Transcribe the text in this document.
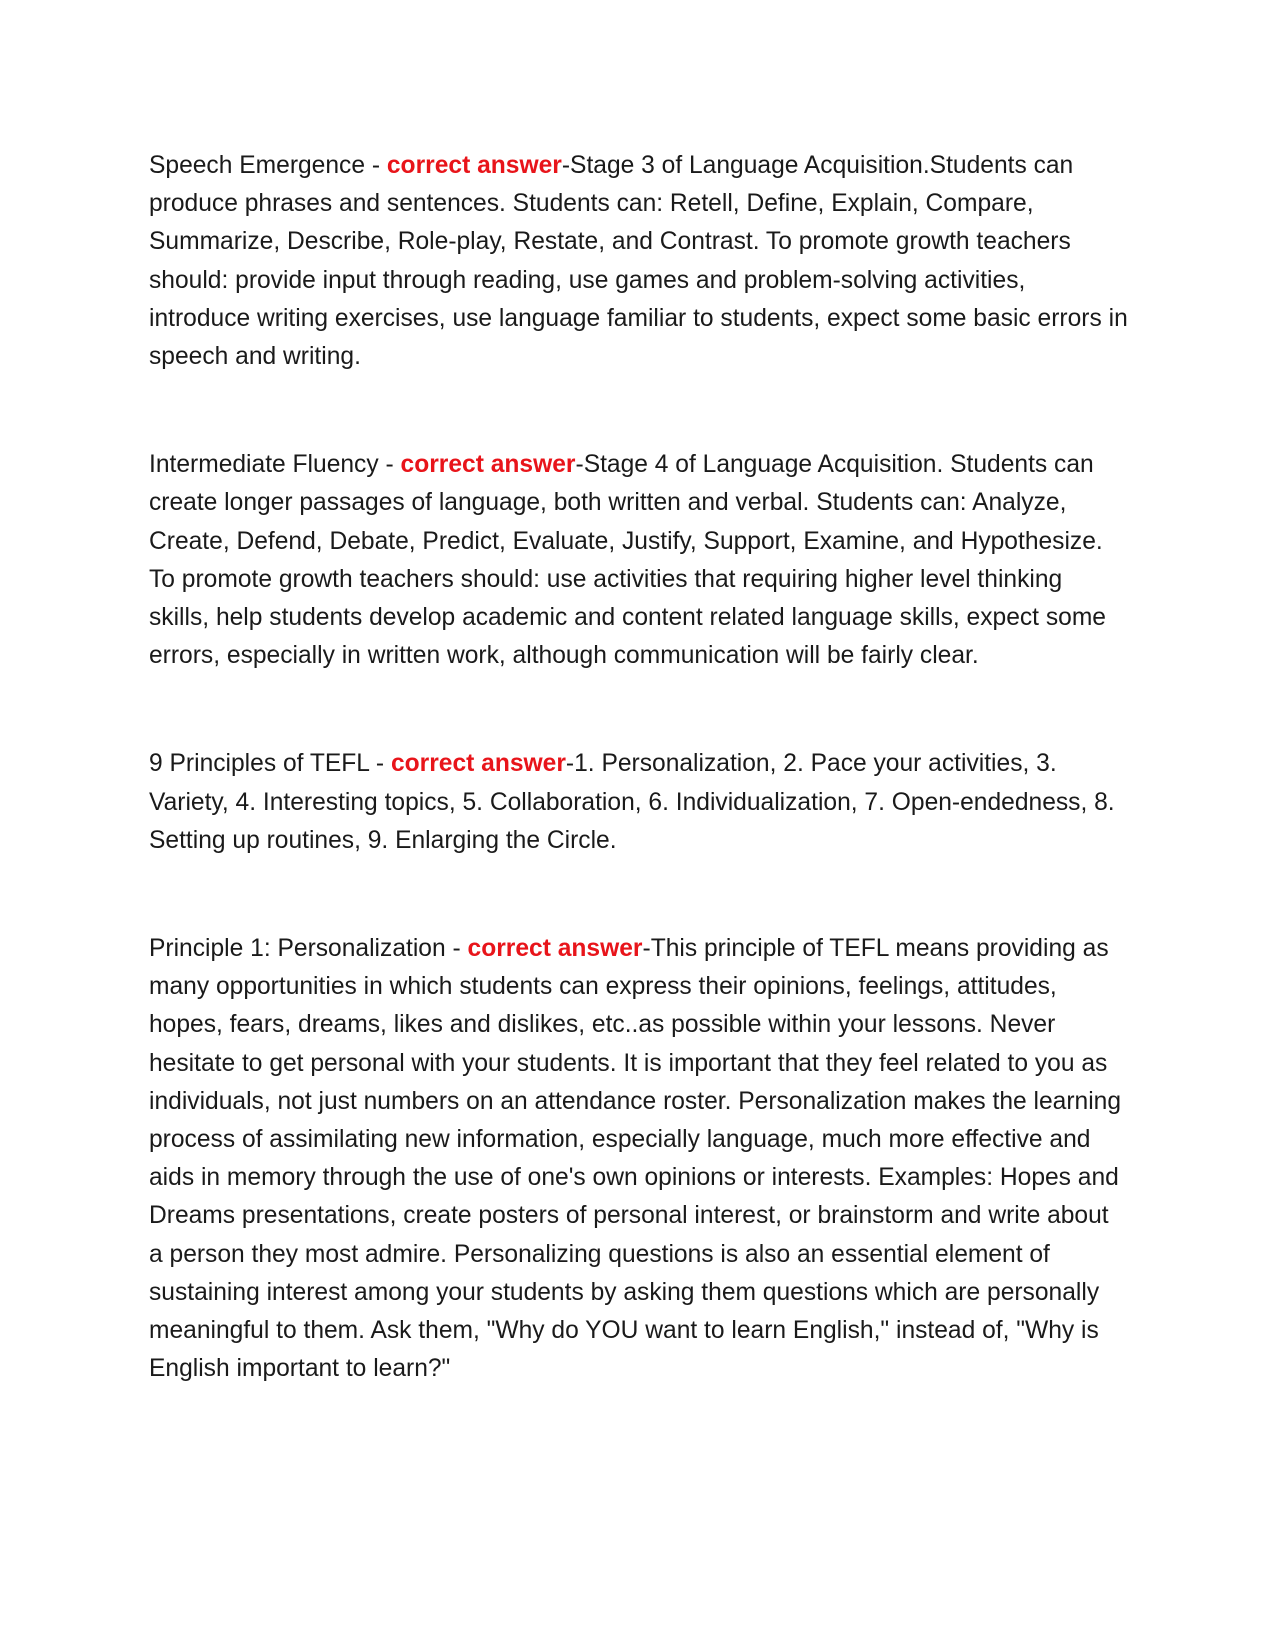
Speech Emergence - correct answer-Stage 3 of Language Acquisition.Students can produce phrases and sentences. Students can: Retell, Define, Explain, Compare, Summarize, Describe, Role-play, Restate, and Contrast. To promote growth teachers should: provide input through reading, use games and problem-solving activities, introduce writing exercises, use language familiar to students, expect some basic errors in speech and writing.

Intermediate Fluency - correct answer-Stage 4 of Language Acquisition. Students can create longer passages of language, both written and verbal. Students can: Analyze, Create, Defend, Debate, Predict, Evaluate, Justify, Support, Examine, and Hypothesize. To promote growth teachers should: use activities that requiring higher level thinking skills, help students develop academic and content related language skills, expect some errors, especially in written work, although communication will be fairly clear.

9 Principles of TEFL - correct answer-1. Personalization, 2. Pace your activities, 3. Variety, 4. Interesting topics, 5. Collaboration, 6. Individualization, 7. Open-endedness, 8. Setting up routines, 9. Enlarging the Circle.

Principle 1: Personalization - correct answer-This principle of TEFL means providing as many opportunities in which students can express their opinions, feelings, attitudes, hopes, fears, dreams, likes and dislikes, etc..as possible within your lessons. Never hesitate to get personal with your students. It is important that they feel related to you as individuals, not just numbers on an attendance roster. Personalization makes the learning process of assimilating new information, especially language, much more effective and aids in memory through the use of one's own opinions or interests. Examples: Hopes and Dreams presentations, create posters of personal interest, or brainstorm and write about a person they most admire. Personalizing questions is also an essential element of sustaining interest among your students by asking them questions which are personally meaningful to them. Ask them, "Why do YOU want to learn English," instead of, "Why is English important to learn?"
